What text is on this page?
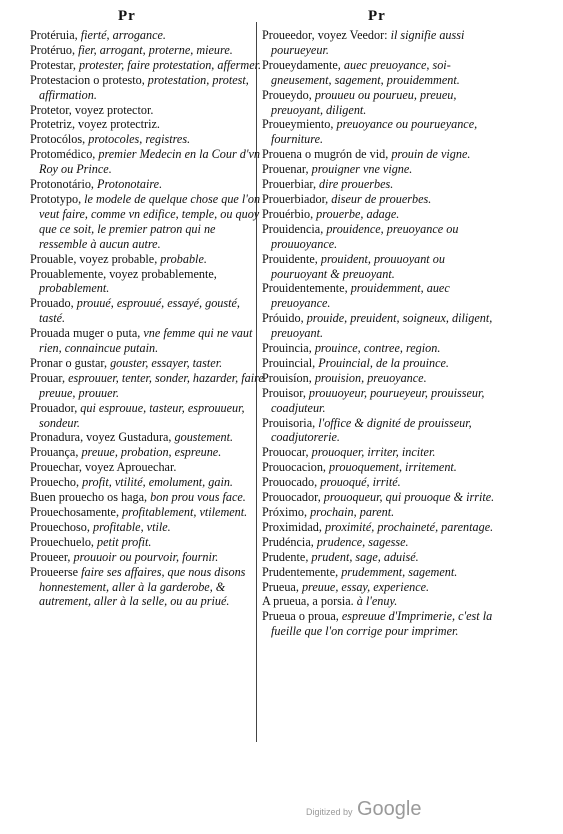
Pr	Pr
Protéruia, fierté, arrogance.
Protéruo, fier, arrogant, proterne, mieure.
Protestar, protester, faire protestation, affermer.
Protestacion o protesto, protestation, protest, affirmation.
Protetor, voyez protector.
Protetriz, voyez protectriz.
Protocólos, protocoles, registres.
Protomédico, premier Medecin en la Cour d'vn Roy ou Prince.
Protonotário, Protonotaire.
Prototypo, le modele de quelque chose que l'on veut faire, comme vn edifice, temple, ou quoy que ce soit, le premier patron qui ne ressemble à aucun autre.
Prouable, voyez probable, probable.
Prouablemente, voyez probablemente, probablement.
Prouado, prouué, esprouué, essayé, gousté, tasté.
Prouada muger o puta, vne femme qui ne vaut rien, connaincue putain.
Pronar o gustar, gouster, essayer, taster.
Prouar, esprouuer, tenter, sonder, hazarder, faire preuue, prouuer.
Prouador, qui esprouue, tasteur, esprouueur, sondeur.
Pronadura, voyez Gustadura, goustement.
Prouança, preuue, probation, espreune.
Prouechar, voyez Aprouechar.
Prouecho, profit, vtilité, emolument, gain.
Buen prouecho os haga, bon prou vous face.
Prouechosamente, profitablement, vtilement.
Prouechoso, profitable, vtile.
Prouechuelo, petit profit.
Proueer, prouuoir ou pourvoir, fournir.
Proueerse faire ses affaires, que nous disons honnestement, aller à la garderobe, & autrement, aller à la selle, ou au priué.
Proueedor, voyez Veedor: il signifie aussi pourueyeur.
Proueydamente, auec preuoyance, soigneusement, sagement, prouidemment.
Proueydo, prouueu ou pourueu, preueu, preuoyant, diligent.
Proueymiento, preuoyance ou pourueyance, fourniture.
Prouena o mugrón de vid, prouin de vigne.
Prouenar, prouigner vne vigne.
Prouerbiar, dire prouerbes.
Prouerbiador, diseur de prouerbes.
Prouérbio, prouerbe, adage.
Prouidencia, prouidence, preuoyance ou prouuoyance.
Prouidente, prouident, prouuoyant ou pouruoyant & preuoyant.
Prouidentemente, prouidemment, auec preuoyance.
Próuido, prouide, preuident, soigneux, diligent, preuoyant.
Prouincia, prouince, contree, region.
Prouincial, Prouincial, de la prouince.
Prouisíon, prouision, preuoyance.
Prouisor, prouuoyeur, pourueyeur, prouisseur, coadjuteur.
Prouisoria, l'office & dignité de prouisseur, coadjutorerie.
Prouocar, prouoquer, irriter, inciter.
Prouocacion, prouoquement, irritement.
Prouocado, prouoqué, irrité.
Prouocador, prouoqueur, qui prouoque & irrite.
Próximo, prochain, parent.
Proximidad, proximité, prochaineté, parentage.
Prudéncia, prudence, sagesse.
Prudente, prudent, sage, aduisé.
Prudentemente, prudemment, sagement.
Prueua, preuue, essay, experience.
A prueua, a porsia. à l'enuy.
Prueua o proua, espreuue d'Imprimerie, c'est la fueille que l'on corrige pour imprimer.
Digitized by Google
